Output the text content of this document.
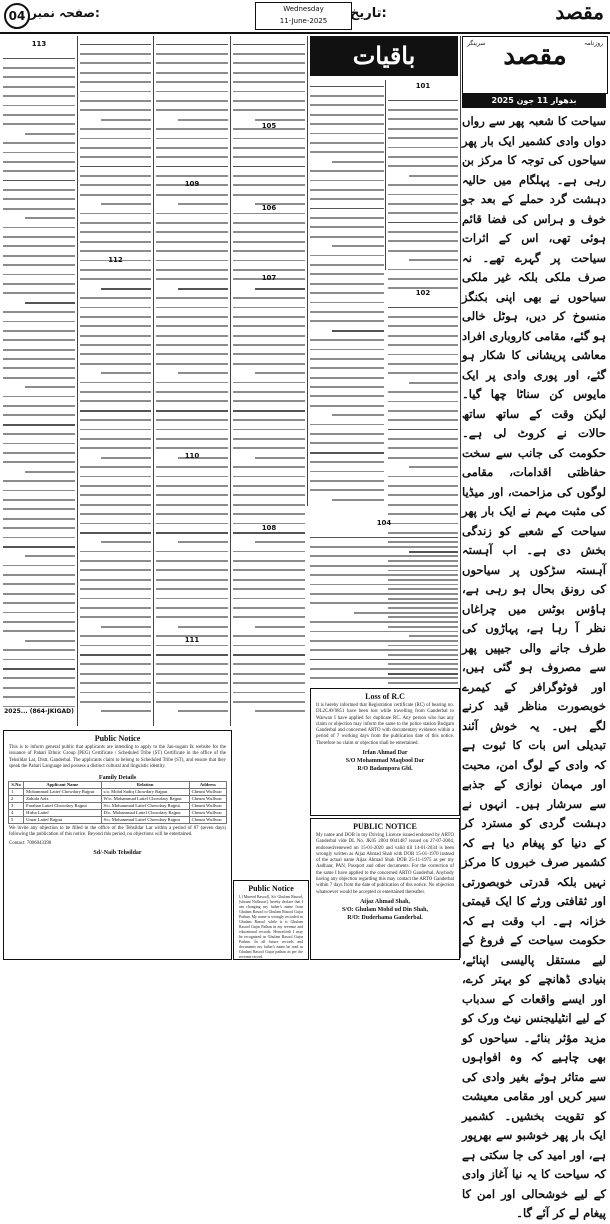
مقصد
تاریخ:
Wednesday
11-June-2025
صفحہ نمبر:
04
روزنامہ
سرینگر مقصد
بدھوار 11 جون 2025
سیاحت کا شعبہ پھر سے رواں دواں وادی کشمیر ایک بار پھر سیاحوں کی توجہ کا مرکز بن رہی ہے۔ پہلگام میں حالیہ دہشت گرد حملے کے بعد جو خوف و ہراس کی فضا قائم ہوئی تھی، اس کے اثرات سیاحت پر گہرے تھے۔ نہ صرف ملکی بلکہ غیر ملکی سیاحوں نے بھی اپنی بکنگز منسوخ کر دیں، ہوٹل خالی ہو گئے، مقامی کاروباری افراد معاشی پریشانی کا شکار ہو گئے، اور پوری وادی پر ایک مایوس کن سناٹا چھا گیا۔ لیکن وقت کے ساتھ ساتھ حالات نے کروٹ لی ہے۔ حکومت کی جانب سے سخت حفاظتی اقدامات، مقامی لوگوں کی مزاحمت، اور میڈیا کی مثبت مہم نے ایک بار پھر سیاحت کے شعبے کو زندگی بخش دی ہے۔ اب آہستہ آہستہ سڑکوں پر سیاحوں کی رونق بحال ہو رہی ہے، ہاؤس بوٹس میں چراغاں نظر آ رہا ہے، پہاڑوں کی طرف جانے والی جیپیں پھر سے مصروف ہو گئی ہیں، اور فوٹوگرافر کے کیمرے خوبصورت مناظر قید کرنے لگے ہیں۔ یہ خوش آئند تبدیلی اس بات کا ثبوت ہے کہ وادی کے لوگ امن، محبت اور مہمان نوازی کے جذبے سے سرشار ہیں۔ انہوں نے دہشت گردی کو مسترد کر کے دنیا کو پیغام دیا ہے کہ کشمیر صرف خبروں کا مرکز نہیں بلکہ قدرتی خوبصورتی اور ثقافتی ورثے کا ایک قیمتی خزانہ ہے۔ اب وقت ہے کہ حکومت سیاحت کے فروغ کے لیے مستقل پالیسی اپنائے، بنیادی ڈھانچے کو بہتر کرے، اور ایسے واقعات کے سدباب کے لیے انٹیلیجنس نیٹ ورک کو مزید مؤثر بنائے۔ سیاحوں کو بھی چاہیے کہ وہ افواہوں سے متاثر ہوئے بغیر وادی کی سیر کریں اور مقامی معیشت کو تقویت بخشیں۔ کشمیر ایک بار پھر خوشبو سے بھرپور ہے، اور امید کی جا سکتی ہے کہ سیاحت کا یہ نیا آغاز وادی کے لیے خوشحالی اور امن کا پیغام لے کر آئے گا۔
باقیات
101
102
104
105
106
107
108
109
110
111
112
113
2025... (864-JKIGAD)
Loss of R.C
It is hereby informed that Registration certificate (RC) of bearing no. DL2CAV0851 have been lost while travelling from Ganderbal to Warwan I have applied for duplicate RC. Any person who has any claim or objection may inform the same to the police station Budgam Ganderbal and concerned ARTO with documentary evidence within a period of 7 working days from the publication date of this notice. Therefore no claim or objection shall be entertained.
Irfan Ahmad Dar
S/O Mohammad Maqbool Dar
R/O Badampora Gbl.
PUBLIC NOTICE
My name and DOB in my Driving Licence issued endorsed by ARTO Ganderbal vide DL No. JK05 2004 0041487 issued on 27-07-2004, endorsed/renewed on 15-01-2020 and valid till 14-01-2034 is been wrongly written as Aijaz Ahmad Shah with DOB 15-01-1970 instead of the actual name Aijaz Ahmad Shah DOB 25-11-1975 as per my Aadhaar, PAN, Passport and other documents. For the correction of the same I have applied to the concerned ARTO Ganderbal. Anybody having any objection regarding this may contact the ARTO Ganderbal within 7 days from the date of publication of this notice. No objection whatsoever would be accepted or entertained thereafter.
Aijaz Ahmad Shah,
S/O: Ghulam Mohd ud Din Shah,
R/O: Duderhama Ganderbal.
Public Notice
I, [Mureed Rasool], S/o Ghulam Rasool, [shount Nallawar], hereby declare that I am changing my father's name from Ghulam Rasool to Ghulam Rasool Gujar Pathan. My name is wrongly recorded as Ghulam Rasool while it is Ghulam Rasool Gujar Pathan in my revenue and educational records. Henceforth I may be recognized as Ghulam Rasool Gujar Pathan. In all future records and documents my father's name be read as Ghulam Rasool Gujar pathan as per the revenue record.
Public Notice
This is to inform general public that applicants are intending to apply to the Jan-sugam Ik website for the issuance of Pahari Ethnic Group (PEG) Certificate / Scheduled Tribe (ST) Certificate in the office of the Tehsildar Lar, Distt. Ganderbal. The applicants claim to belong to Scheduled Tribe (ST), and ensure that they speak the Pahari Language and possess a distinct cultural and linguistic identity.
Family Details
S.No	Applicant Name	Relation	Address
1	Mohammad Latief Chowdary Rajput	s/o. Mohd Sadiq Chowdary Rajput	Cheunt Wullwar
2	Zahida Aziz	W/o. Mohammad Latief Chowdary Rajput	Cheunt Wullwar
3	Farahan Latief Chowdary Rajput	S/o. Mohammad Latief Chowdary Rajput	Cheunt Wullwar
4	Hirba Latief	D/o. Mohammad Latief Chowdary Rajput	Cheunt Wullwar
5	Umar Latief Rajput	S/o. Mohammad Latief Chowdary Rajput	Cheunt Wullwar
We invite any objection to be filled in the office of the Tehsildar Lar within a period of 07 (seven days) following the publication of this notice. Beyond this period, no objections will be entertained.
Contact: 7006043390
Sd/-Naib Tehsildar
